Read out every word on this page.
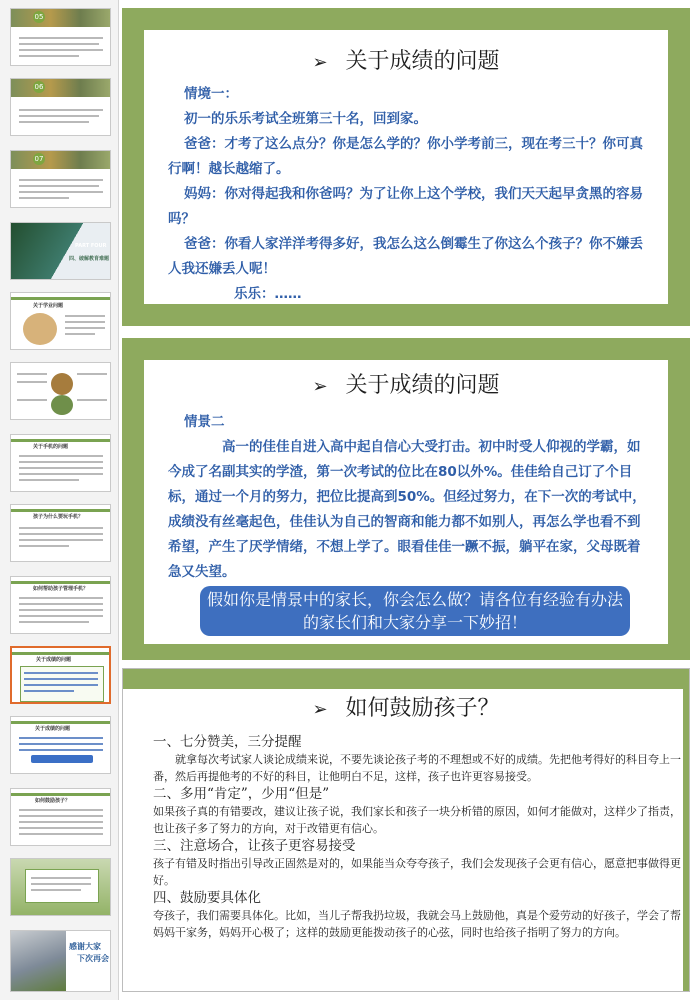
05
06
07
PART FOUR
四、破解教育难题
关于学业问题
关于手机的问题
孩子为什么要玩手机？
如何帮助孩子管理手机？
关于成绩的问题
关于成绩的问题
如何鼓励孩子？
感谢大家
下次再会
➢ 关于成绩的问题

情境一：

初一的乐乐考试全班第三十名，回到家。

爸爸：才考了这么点分？你是怎么学的？你小学考前三，现在考三十？你可真行啊！越长越缩了。

妈妈：你对得起我和你爸吗？为了让你上这个学校，我们天天起早贪黑的容易吗？

爸爸：你看人家洋洋考得多好，我怎么这么倒霉生了你这么个孩子？你不嫌丢人我还嫌丢人呢！

乐乐：……

➢ 关于成绩的问题

情景二

高一的佳佳自进入高中起自信心大受打击。初中时受人仰视的学霸，如今成了名副其实的学渣，第一次考试的位比在80以外%。佳佳给自己订了个目标，通过一个月的努力，把位比提高到50%。但经过努力，在下一次的考试中，成绩没有丝毫起色，佳佳认为自己的智商和能力都不如别人，再怎么学也看不到希望，产生了厌学情绪，不想上学了。眼看佳佳一蹶不振，躺平在家，父母既着急又失望。

假如你是情景中的家长，你会怎么做？请各位有经验有办法的家长们和大家分享一下妙招！
➢ 如何鼓励孩子？

一、七分赞美，三分提醒

就拿每次考试家人谈论成绩来说，不要先谈论孩子考的不理想或不好的成绩。先把他考得好的科目夸上一番，然后再提他考的不好的科目，让他明白不足，这样，孩子也许更容易接受。

二、多用“肯定”，少用“但是”

如果孩子真的有错要改，建议让孩子说，我们家长和孩子一块分析错的原因，如何才能做对，这样少了指责，也让孩子多了努力的方向，对于改错更有信心。

三、注意场合，让孩子更容易接受

孩子有错及时指出引导改正固然是对的，如果能当众夸夸孩子，我们会发现孩子会更有信心，愿意把事做得更好。

四、鼓励要具体化

夸孩子，我们需要具体化。比如，当儿子帮我扔垃圾，我就会马上鼓励他，真是个爱劳动的好孩子，学会了帮妈妈干家务，妈妈开心极了；这样的鼓励更能拨动孩子的心弦，同时也给孩子指明了努力的方向。
